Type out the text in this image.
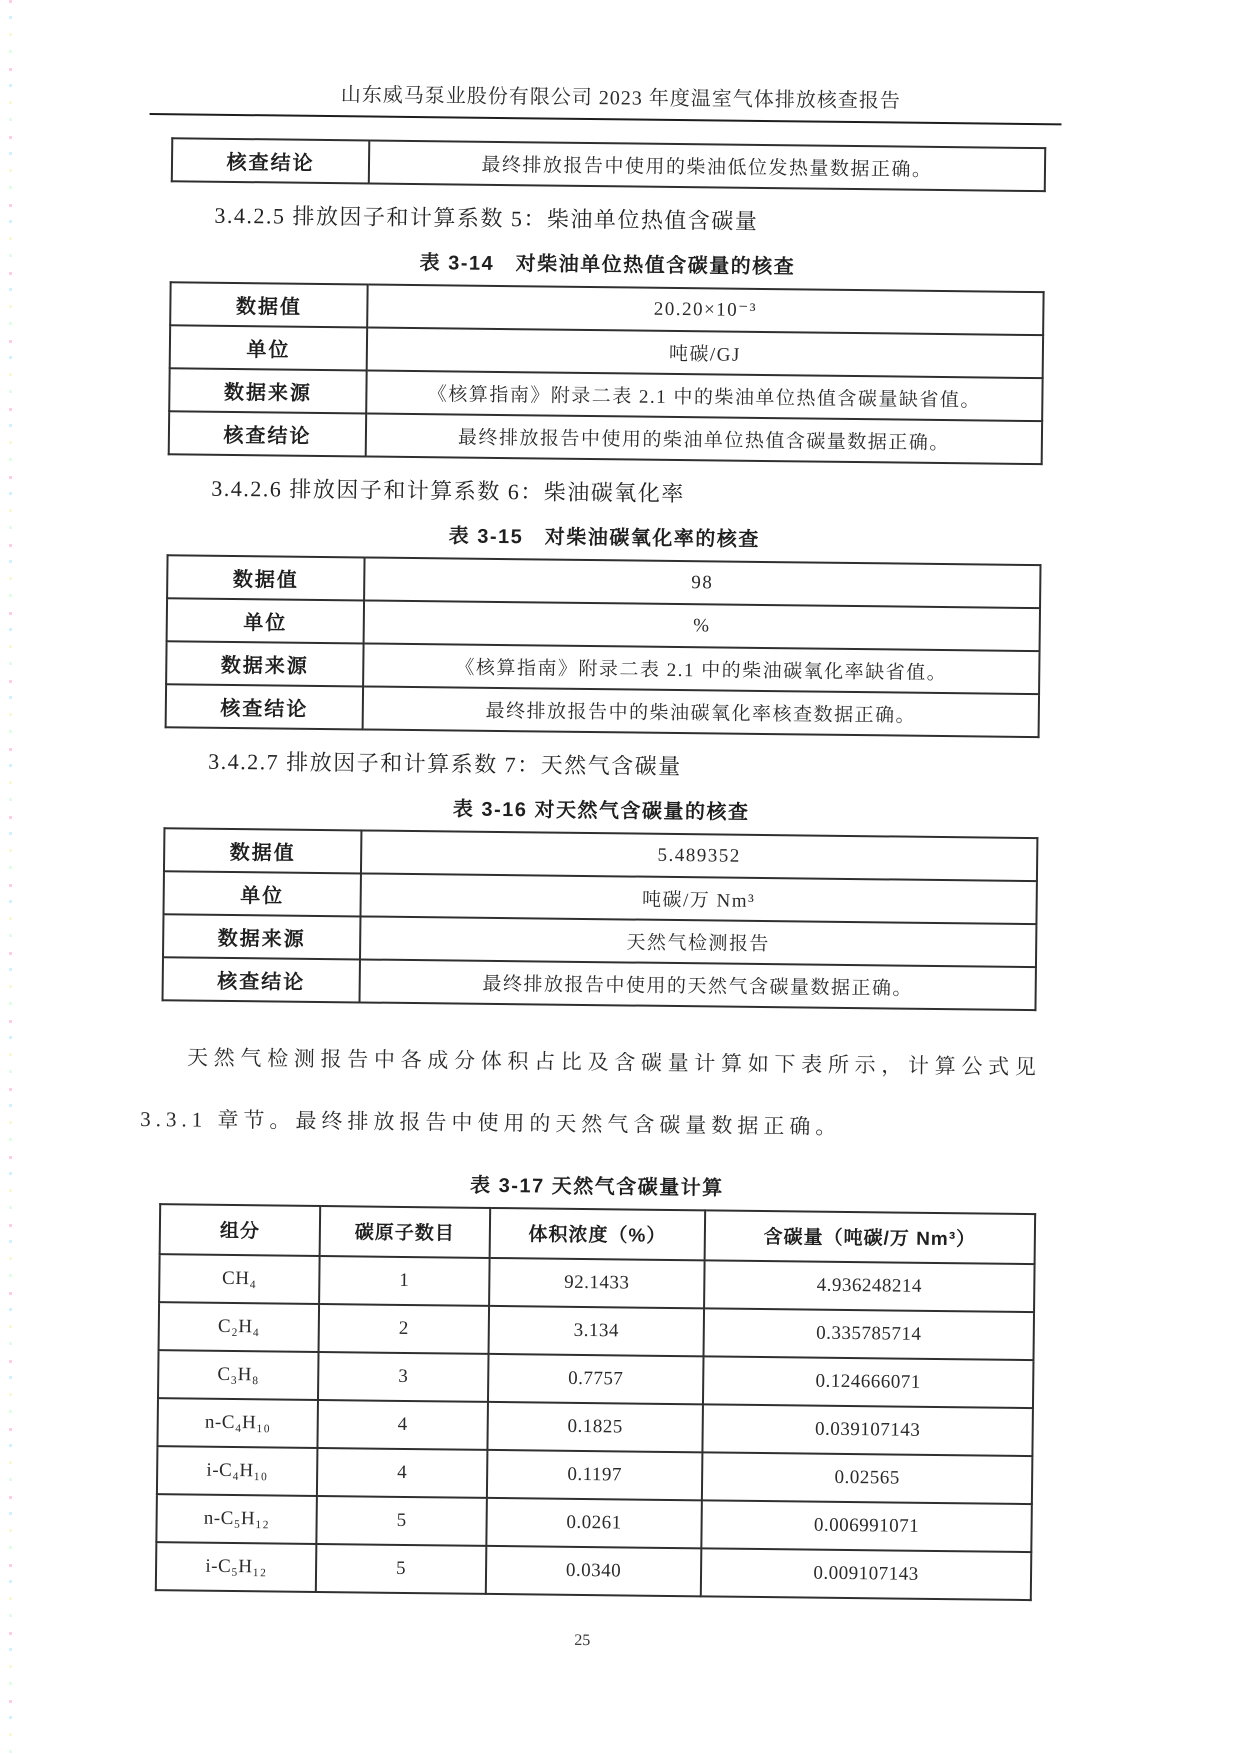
山东威马泵业股份有限公司 2023 年度温室气体排放核查报告
核查结论	最终排放报告中使用的柴油低位发热量数据正确。
3.4.2.5 排放因子和计算系数 5：柴油单位热值含碳量
表 3-14　对柴油单位热值含碳量的核查
数据值	20.20×10⁻³
单位	吨碳/GJ
数据来源	《核算指南》附录二表 2.1 中的柴油单位热值含碳量缺省值。
核查结论	最终排放报告中使用的柴油单位热值含碳量数据正确。
3.4.2.6 排放因子和计算系数 6：柴油碳氧化率
表 3-15　对柴油碳氧化率的核查
数据值	98
单位	%
数据来源	《核算指南》附录二表 2.1 中的柴油碳氧化率缺省值。
核查结论	最终排放报告中的柴油碳氧化率核查数据正确。
3.4.2.7 排放因子和计算系数 7：天然气含碳量
表 3-16 对天然气含碳量的核查
数据值	5.489352
单位	吨碳/万 Nm³
数据来源	天然气检测报告
核查结论	最终排放报告中使用的天然气含碳量数据正确。

天然气检测报告中各成分体积占比及含碳量计算如下表所示，计算公式见 3.3.1 章节。最终排放报告中使用的天然气含碳量数据正确。

表 3-17 天然气含碳量计算
组分	碳原子数目	体积浓度（%）	含碳量（吨碳/万 Nm³）
CH₄	1	92.1433	4.936248214
C₂H₄	2	3.134	0.335785714
C₃H₈	3	0.7757	0.124666071
n-C₄H₁₀	4	0.1825	0.039107143
i-C₄H₁₀	4	0.1197	0.02565
n-C₅H₁₂	5	0.0261	0.006991071
i-C₅H₁₂	5	0.0340	0.009107143
25
